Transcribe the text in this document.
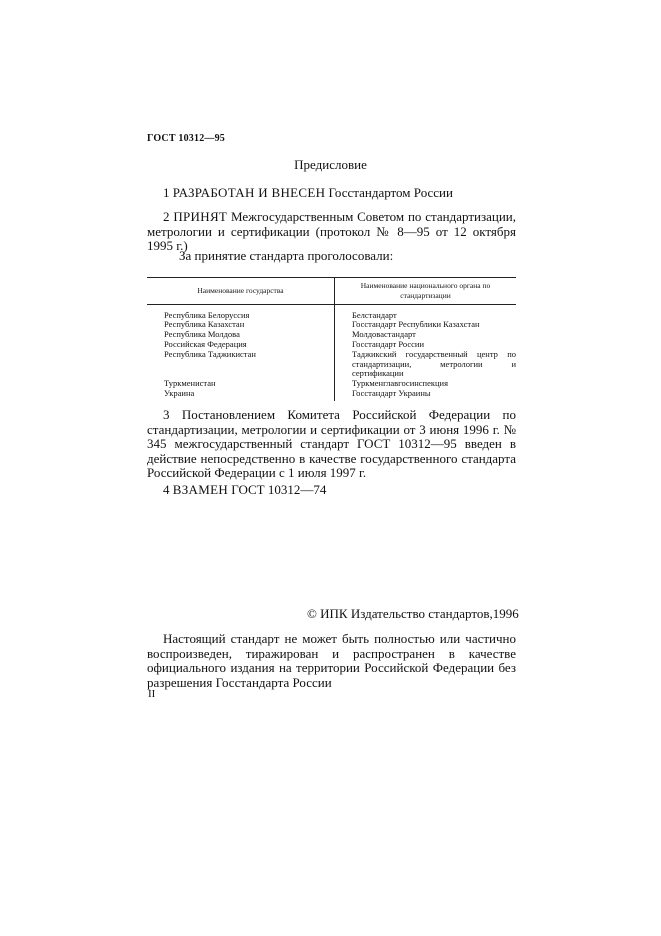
ГОСТ 10312—95
Предисловие
1 РАЗРАБОТАН И ВНЕСЕН Госстандартом России
2 ПРИНЯТ Межгосударственным Советом по стандартизации, метрологии и сертификации (протокол № 8—95 от 12 октября 1995 г.)
За принятие стандарта проголосовали:
Наименование государства	Наименование национального органа по стандартизации
Республика Белоруссия	Белстандарт
Республика Казахстан	Госстандарт Республики Казахстан
Республика Молдова	Молдовастандарт
Российская Федерация	Госстандарт России
Республика Таджикистан	Таджикский государственный центр по стандартизации, метрологии и сертификации
Туркменистан	Туркменглавгосинспекция
Украина	Госстандарт Украины
3 Постановлением Комитета Российской Федерации по стандартизации, метрологии и сертификации от 3 июня 1996 г. № 345 межгосударственный стандарт ГОСТ 10312—95 введен в действие непосредственно в качестве государственного стандарта Российской Федерации с 1 июля 1997 г.
4 ВЗАМЕН ГОСТ 10312—74
© ИПК Издательство стандартов,1996
Настоящий стандарт не может быть полностью или частично воспроизведен, тиражирован и распространен в качестве официального издания на территории Российской Федерации без разрешения Госстандарта России
II
